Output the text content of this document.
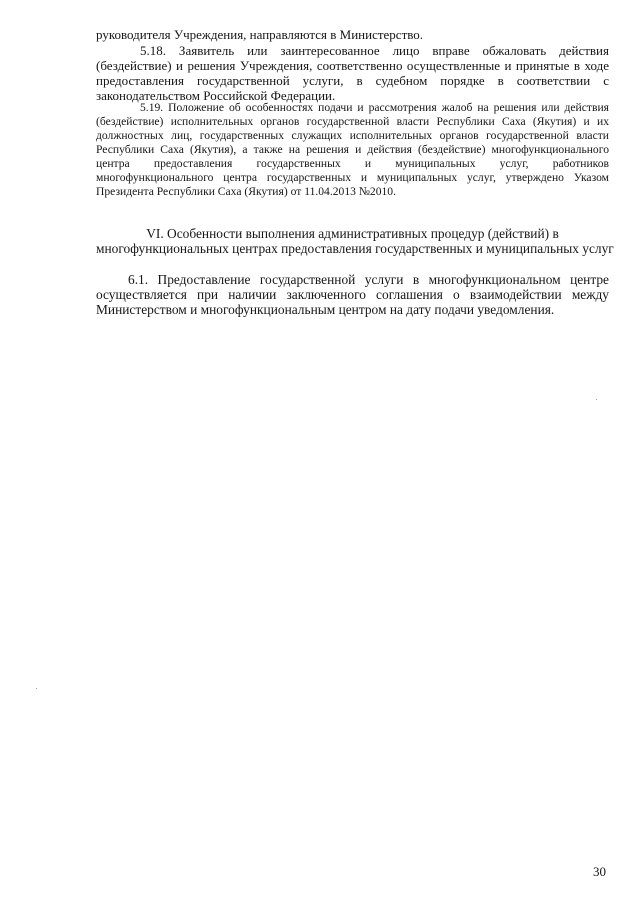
руководителя Учреждения, направляются в Министерство.
5.18. Заявитель или заинтересованное лицо вправе обжаловать действия
(бездействие) и решения Учреждения, соответственно осуществленные и принятые в ходе
предоставления государственной услуги, в судебном порядке в соответствии с
законодательством Российской Федерации.
5.19. Положение об особенностях подачи и рассмотрения жалоб на решения или действия
(бездействие) исполнительных органов государственной власти Республики Саха (Якутия) и их
должностных лиц, государственных служащих исполнительных органов государственной власти
Республики Саха (Якутия), а также на решения и действия (бездействие) многофункционального
центра предоставления государственных и муниципальных услуг, работников
многофункционального центра государственных и муниципальных услуг, утверждено Указом
Президента Республики Саха (Якутия) от 11.04.2013 №2010.
VI. Особенности выполнения административных процедур (действий) в
многофункциональных центрах предоставления государственных и муниципальных услуг
6.1. Предоставление государственной услуги в многофункциональном центре
осуществляется при наличии заключенного соглашения о взаимодействии между
Министерством и многофункциональным центром на дату подачи уведомления.
30
